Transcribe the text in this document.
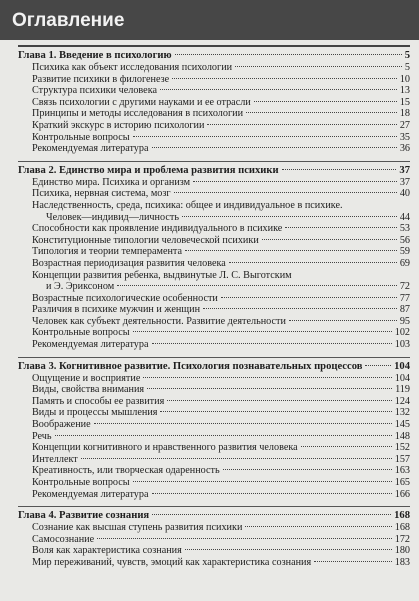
Оглавление
Глава 1. Введение в психологию	5
Психика как объект исследования психологии	5
Развитие психики в филогенезе	10
Структура психики человека	13
Связь психологии с другими науками и ее отрасли	15
Принципы и методы исследования в психологии	18
Краткий экскурс в историю психологии	27
Контрольные вопросы	35
Рекомендуемая литература	36
Глава 2. Единство мира и проблема развития психики	37
Единство мира. Психика и организм	37
Психика, нервная система, мозг	40
Наследственность, среда, психика: общее и индивидуальное в психике.
Человек—индивид—личность	44
Способности как проявление индивидуального в психике	53
Конституционные типологии человеческой психики	56
Типология и теории темперамента	59
Возрастная периодизация развития человека	69
Концепции развития ребенка, выдвинутые Л. С. Выготским
и Э. Эриксоном	72
Возрастные психологические особенности	77
Различия в психике мужчин и женщин	87
Человек как субъект деятельности. Развитие деятельности	95
Контрольные вопросы	102
Рекомендуемая литература	103
Глава 3. Когнитивное развитие. Психология познавательных процессов	104
Ощущение и восприятие	104
Виды, свойства внимания	119
Память и способы ее развития	124
Виды и процессы мышления	132
Воображение	145
Речь	148
Концепции когнитивного и нравственного развития человека	152
Интеллект	157
Креативность, или творческая одаренность	163
Контрольные вопросы	165
Рекомендуемая литература	166
Глава 4. Развитие сознания	168
Сознание как высшая ступень развития психики	168
Самосознание	172
Воля как характеристика сознания	180
Мир переживаний, чувств, эмоций как характеристика сознания	183
